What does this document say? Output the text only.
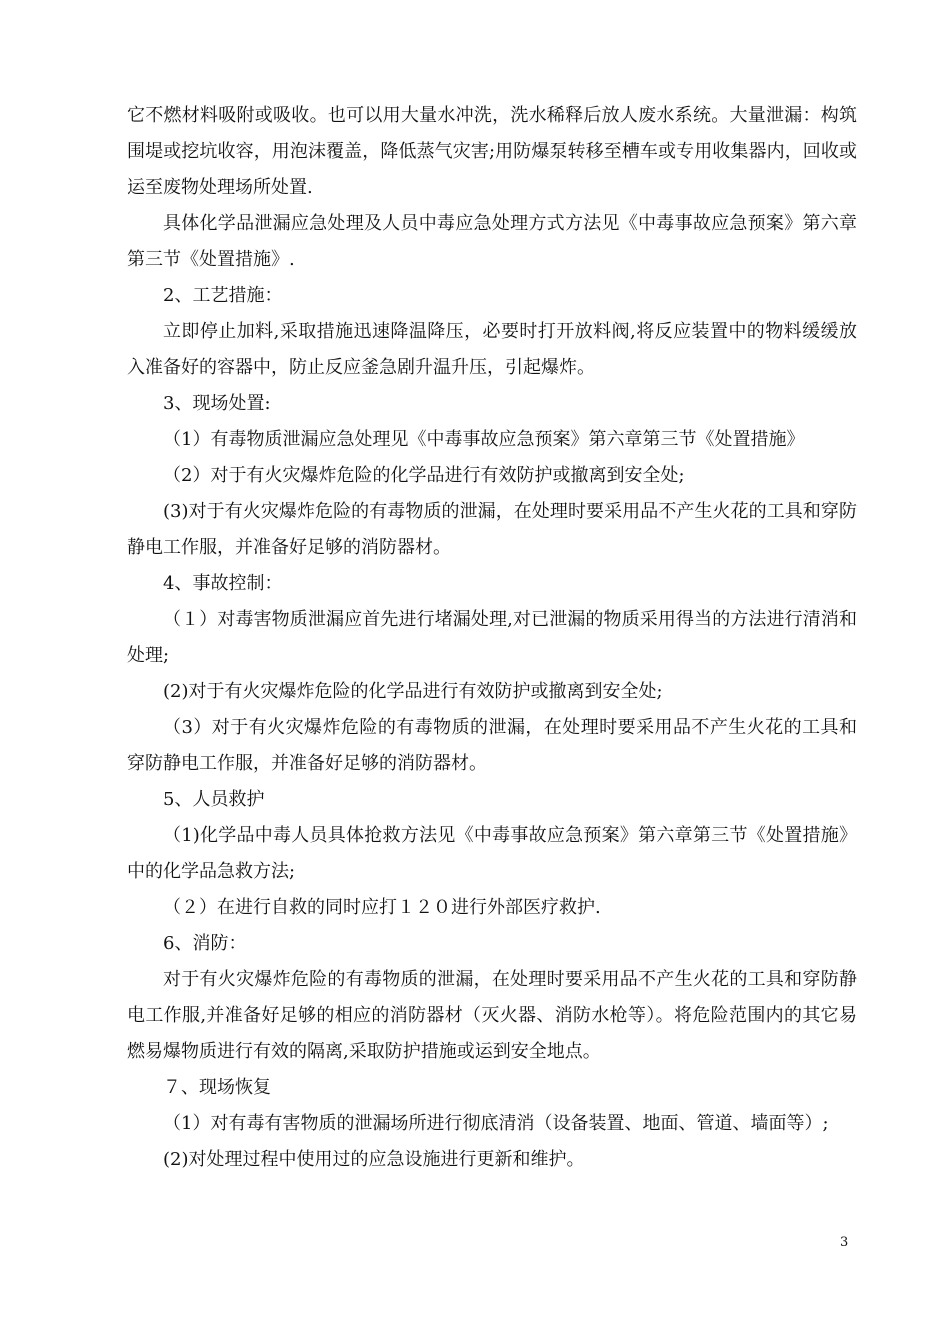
它不燃材料吸附或吸收。也可以用大量水冲洗，洗水稀释后放人废水系统。大量泄漏：构筑围堤或挖坑收容，用泡沫覆盖，降低蒸气灾害;用防爆泵转移至槽车或专用收集器内，回收或运至废物处理场所处置.

具体化学品泄漏应急处理及人员中毒应急处理方式方法见《中毒事故应急预案》第六章第三节《处置措施》.

2、工艺措施：

立即停止加料,采取措施迅速降温降压，必要时打开放料阀,将反应装置中的物料缓缓放入准备好的容器中，防止反应釜急剧升温升压，引起爆炸。

3、现场处置:

（1）有毒物质泄漏应急处理见《中毒事故应急预案》第六章第三节《处置措施》

（2）对于有火灾爆炸危险的化学品进行有效防护或撤离到安全处;

(3)对于有火灾爆炸危险的有毒物质的泄漏，在处理时要采用品不产生火花的工具和穿防静电工作服，并准备好足够的消防器材。

4、事故控制：

（１）对毒害物质泄漏应首先进行堵漏处理,对已泄漏的物质采用得当的方法进行清消和处理;

(2)对于有火灾爆炸危险的化学品进行有效防护或撤离到安全处;

（3）对于有火灾爆炸危险的有毒物质的泄漏，在处理时要采用品不产生火花的工具和穿防静电工作服，并准备好足够的消防器材。

5、人员救护

（1)化学品中毒人员具体抢救方法见《中毒事故应急预案》第六章第三节《处置措施》中的化学品急救方法;

（２）在进行自救的同时应打１２０进行外部医疗救护.

6、消防：

对于有火灾爆炸危险的有毒物质的泄漏，在处理时要采用品不产生火花的工具和穿防静电工作服,并准备好足够的相应的消防器材（灭火器、消防水枪等）。将危险范围内的其它易燃易爆物质进行有效的隔离,采取防护措施或运到安全地点。

７、现场恢复

（1）对有毒有害物质的泄漏场所进行彻底清消（设备装置、地面、管道、墙面等）;

(2)对处理过程中使用过的应急设施进行更新和维护。

3
